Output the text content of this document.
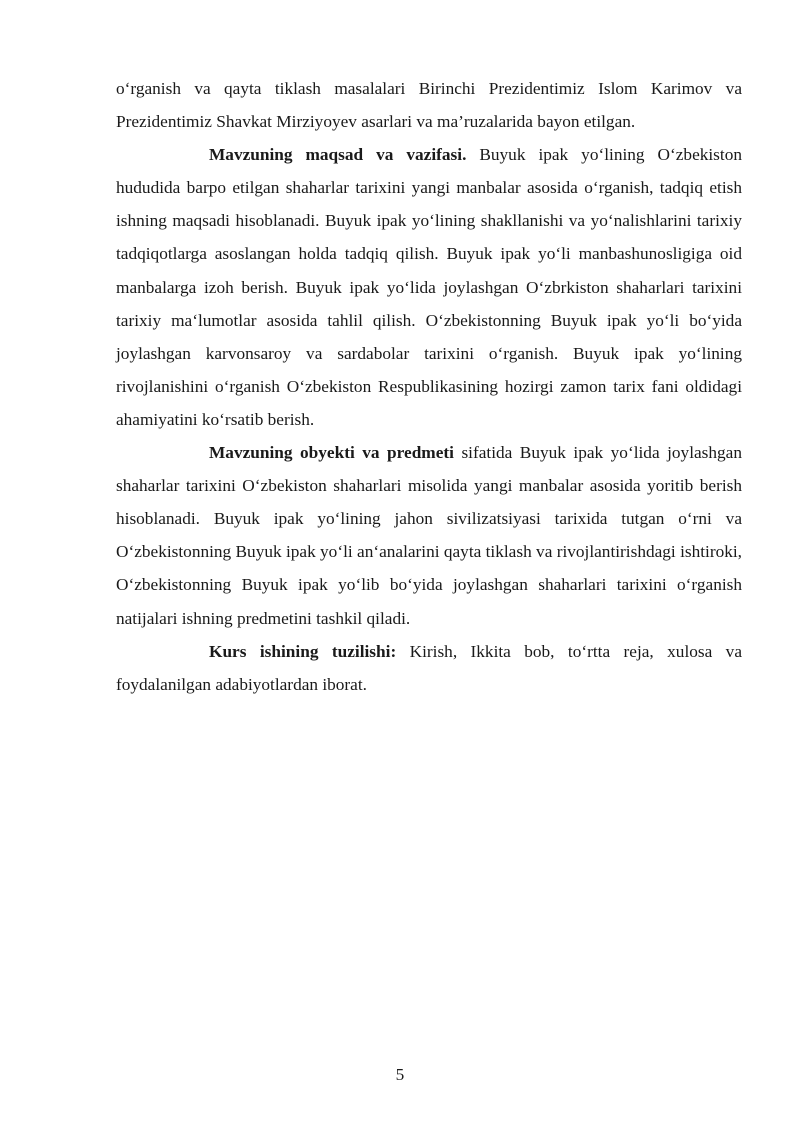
o‘rganish va qayta tiklash masalalari Birinchi Prezidentimiz Islom Karimov va Prezidentimiz Shavkat Mirziyoyev asarlari va ma’ruzalarida bayon etilgan.

Mavzuning maqsad va vazifasi. Buyuk ipak yo‘lining O‘zbekiston hududida barpo etilgan shaharlar tarixini yangi manbalar asosida o‘rganish, tadqiq etish ishning maqsadi hisoblanadi. Buyuk ipak yo‘lining shakllanishi va yo‘nalishlarini tarixiy tadqiqotlarga asoslangan holda tadqiq qilish. Buyuk ipak yo‘li manbashunosligiga oid manbalarga izoh berish. Buyuk ipak yo‘lida joylashgan O‘zbrkiston shaharlari tarixini tarixiy ma‘lumotlar asosida tahlil qilish. O‘zbekistonning Buyuk ipak yo‘li bo‘yida joylashgan karvonsaroy va sardabolar tarixini o‘rganish. Buyuk ipak yo‘lining rivojlanishini o‘rganish O‘zbekiston Respublikasining hozirgi zamon tarix fani oldidagi ahamiyatini ko‘rsatib berish.

Mavzuning obyekti va predmeti sifatida Buyuk ipak yo‘lida joylashgan shaharlar tarixini O‘zbekiston shaharlari misolida yangi manbalar asosida yoritib berish hisoblanadi. Buyuk ipak yo‘lining jahon sivilizatsiyasi tarixida tutgan o‘rni va O‘zbekistonning Buyuk ipak yo‘li an‘analarini qayta tiklash va rivojlantirishdagi ishtiroki, O‘zbekistonning Buyuk ipak yo‘lib bo‘yida joylashgan shaharlari tarixini o‘rganish natijalari ishning predmetini tashkil qiladi.

Kurs ishining tuzilishi: Kirish, Ikkita bob, to‘rtta reja, xulosa va foydalanilgan adabiyotlardan iborat.

5
